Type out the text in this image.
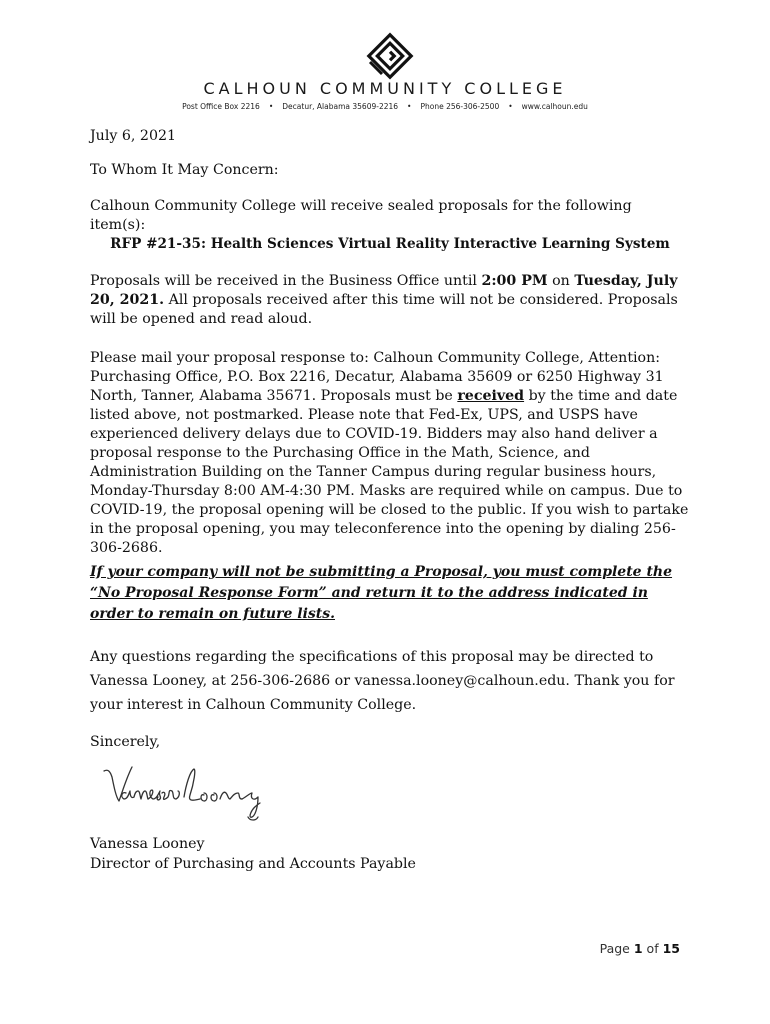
CALHOUN COMMUNITY COLLEGE
Post Office Box 2216 • Decatur, Alabama 35609-2216 • Phone 256-306-2500 • www.calhoun.edu
July 6, 2021
To Whom It May Concern:
Calhoun Community College will receive sealed proposals for the following item(s):
RFP #21-35: Health Sciences Virtual Reality Interactive Learning System
Proposals will be received in the Business Office until 2:00 PM on Tuesday, July 20, 2021. All proposals received after this time will not be considered. Proposals will be opened and read aloud.
Please mail your proposal response to: Calhoun Community College, Attention: Purchasing Office, P.O. Box 2216, Decatur, Alabama 35609 or 6250 Highway 31 North, Tanner, Alabama 35671. Proposals must be received by the time and date listed above, not postmarked. Please note that Fed-Ex, UPS, and USPS have experienced delivery delays due to COVID-19. Bidders may also hand deliver a proposal response to the Purchasing Office in the Math, Science, and Administration Building on the Tanner Campus during regular business hours, Monday-Thursday 8:00 AM-4:30 PM. Masks are required while on campus. Due to COVID-19, the proposal opening will be closed to the public. If you wish to partake in the proposal opening, you may teleconference into the opening by dialing 256-306-2686.
If your company will not be submitting a Proposal, you must complete the “No Proposal Response Form” and return it to the address indicated in order to remain on future lists.
Any questions regarding the specifications of this proposal may be directed to Vanessa Looney, at 256-306-2686 or vanessa.looney@calhoun.edu. Thank you for your interest in Calhoun Community College.
Sincerely,
Vanessa Looney
Director of Purchasing and Accounts Payable
Page 1 of 15
